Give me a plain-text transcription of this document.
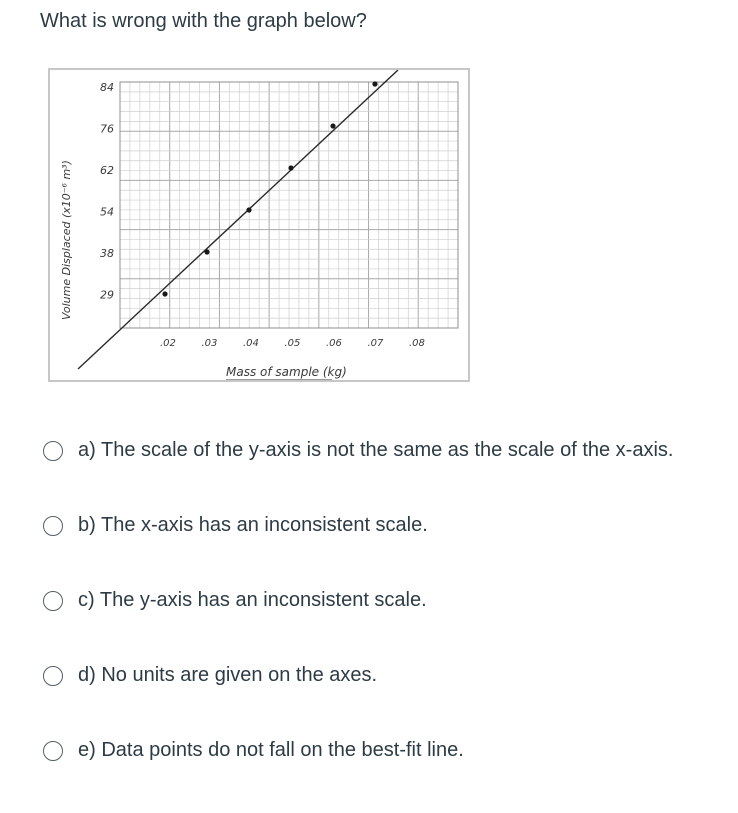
What is wrong with the graph below?
Volume Displaced (x10⁻⁶ m³)
84
76
62
54
38
29
.02	.03	.04	.05	.06	.07	.08
Mass of sample (kg)
a) The scale of the y-axis is not the same as the scale of the x-axis.
b) The x-axis has an inconsistent scale.
c) The y-axis has an inconsistent scale.
d) No units are given on the axes.
e) Data points do not fall on the best-fit line.
